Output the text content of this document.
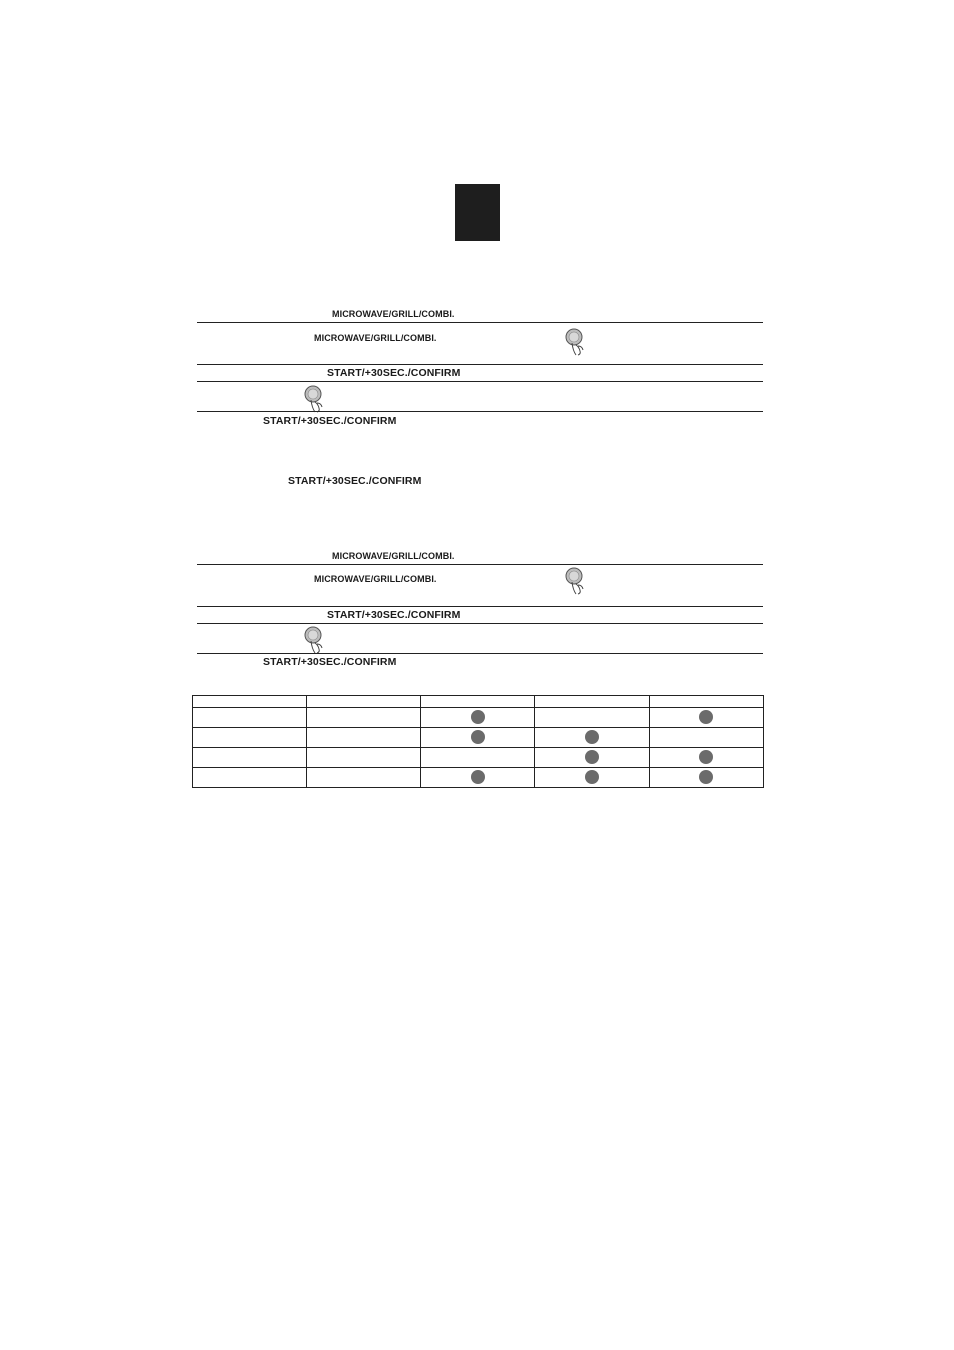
MICROWAVE/GRILL/COMBI.
MICROWAVE/GRILL/COMBI.
START/+30SEC./CONFIRM
START/+30SEC./CONFIRM
START/+30SEC./CONFIRM
MICROWAVE/GRILL/COMBI.
MICROWAVE/GRILL/COMBI.
START/+30SEC./CONFIRM
START/+30SEC./CONFIRM
